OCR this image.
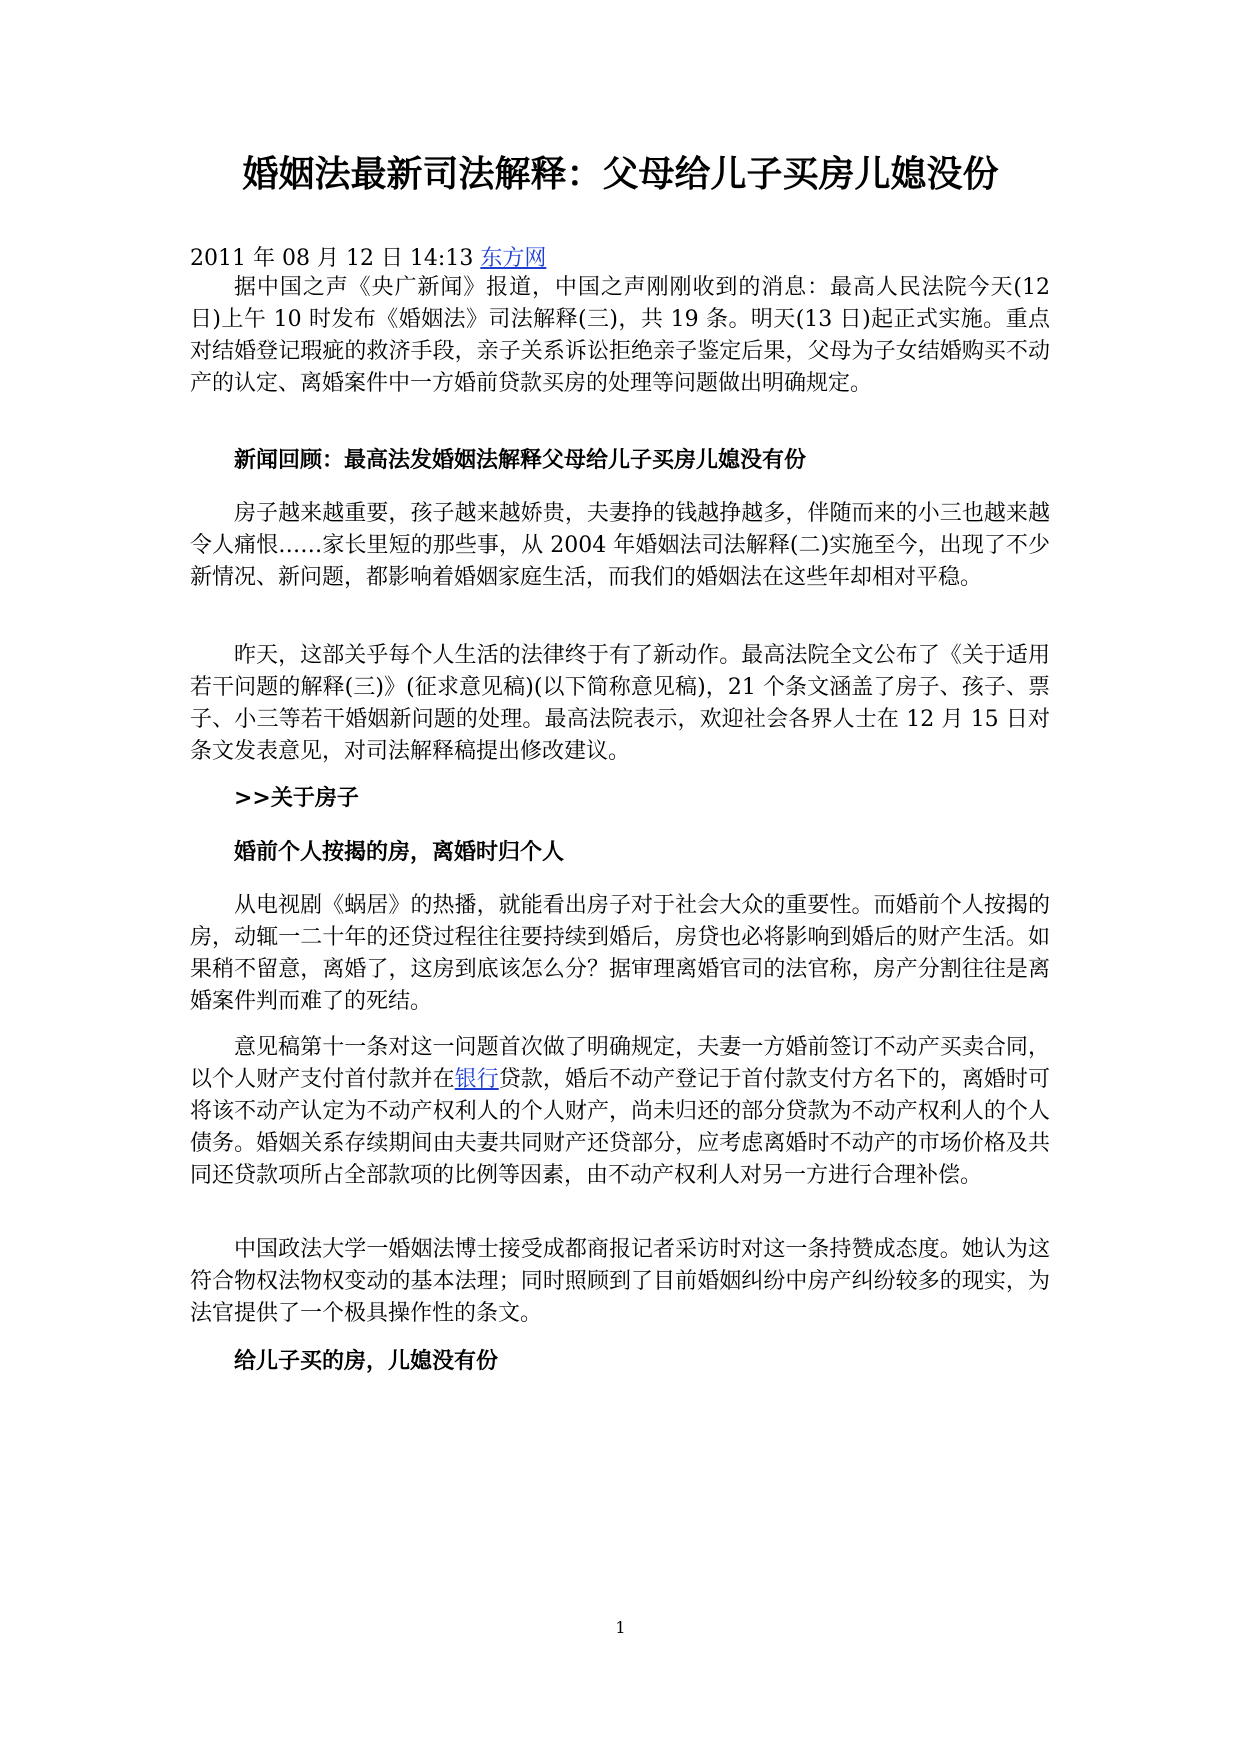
婚姻法最新司法解释：父母给儿子买房儿媳没份
2011 年 08 月 12 日 14:13 东方网

据中国之声《央广新闻》报道，中国之声刚刚收到的消息：最高人民法院今天(12 日)上午 10 时发布《婚姻法》司法解释(三)，共 19 条。明天(13 日)起正式实施。重点对结婚登记瑕疵的救济手段，亲子关系诉讼拒绝亲子鉴定后果，父母为子女结婚购买不动产的认定、离婚案件中一方婚前贷款买房的处理等问题做出明确规定。

新闻回顾：最高法发婚姻法解释父母给儿子买房儿媳没有份

房子越来越重要，孩子越来越娇贵，夫妻挣的钱越挣越多，伴随而来的小三也越来越令人痛恨……家长里短的那些事，从 2004 年婚姻法司法解释(二)实施至今，出现了不少新情况、新问题，都影响着婚姻家庭生活，而我们的婚姻法在这些年却相对平稳。

昨天，这部关乎每个人生活的法律终于有了新动作。最高法院全文公布了《关于适用若干问题的解释(三)》(征求意见稿)(以下简称意见稿)，21 个条文涵盖了房子、孩子、票子、小三等若干婚姻新问题的处理。最高法院表示，欢迎社会各界人士在 12 月 15 日对条文发表意见，对司法解释稿提出修改建议。

>>关于房子

婚前个人按揭的房，离婚时归个人

从电视剧《蜗居》的热播，就能看出房子对于社会大众的重要性。而婚前个人按揭的房，动辄一二十年的还贷过程往往要持续到婚后，房贷也必将影响到婚后的财产生活。如果稍不留意，离婚了，这房到底该怎么分？据审理离婚官司的法官称，房产分割往往是离婚案件判而难了的死结。

意见稿第十一条对这一问题首次做了明确规定，夫妻一方婚前签订不动产买卖合同，以个人财产支付首付款并在银行贷款，婚后不动产登记于首付款支付方名下的，离婚时可将该不动产认定为不动产权利人的个人财产，尚未归还的部分贷款为不动产权利人的个人债务。婚姻关系存续期间由夫妻共同财产还贷部分，应考虑离婚时不动产的市场价格及共同还贷款项所占全部款项的比例等因素，由不动产权利人对另一方进行合理补偿。

中国政法大学一婚姻法博士接受成都商报记者采访时对这一条持赞成态度。她认为这符合物权法物权变动的基本法理；同时照顾到了目前婚姻纠纷中房产纠纷较多的现实，为法官提供了一个极具操作性的条文。

给儿子买的房，儿媳没有份

1
